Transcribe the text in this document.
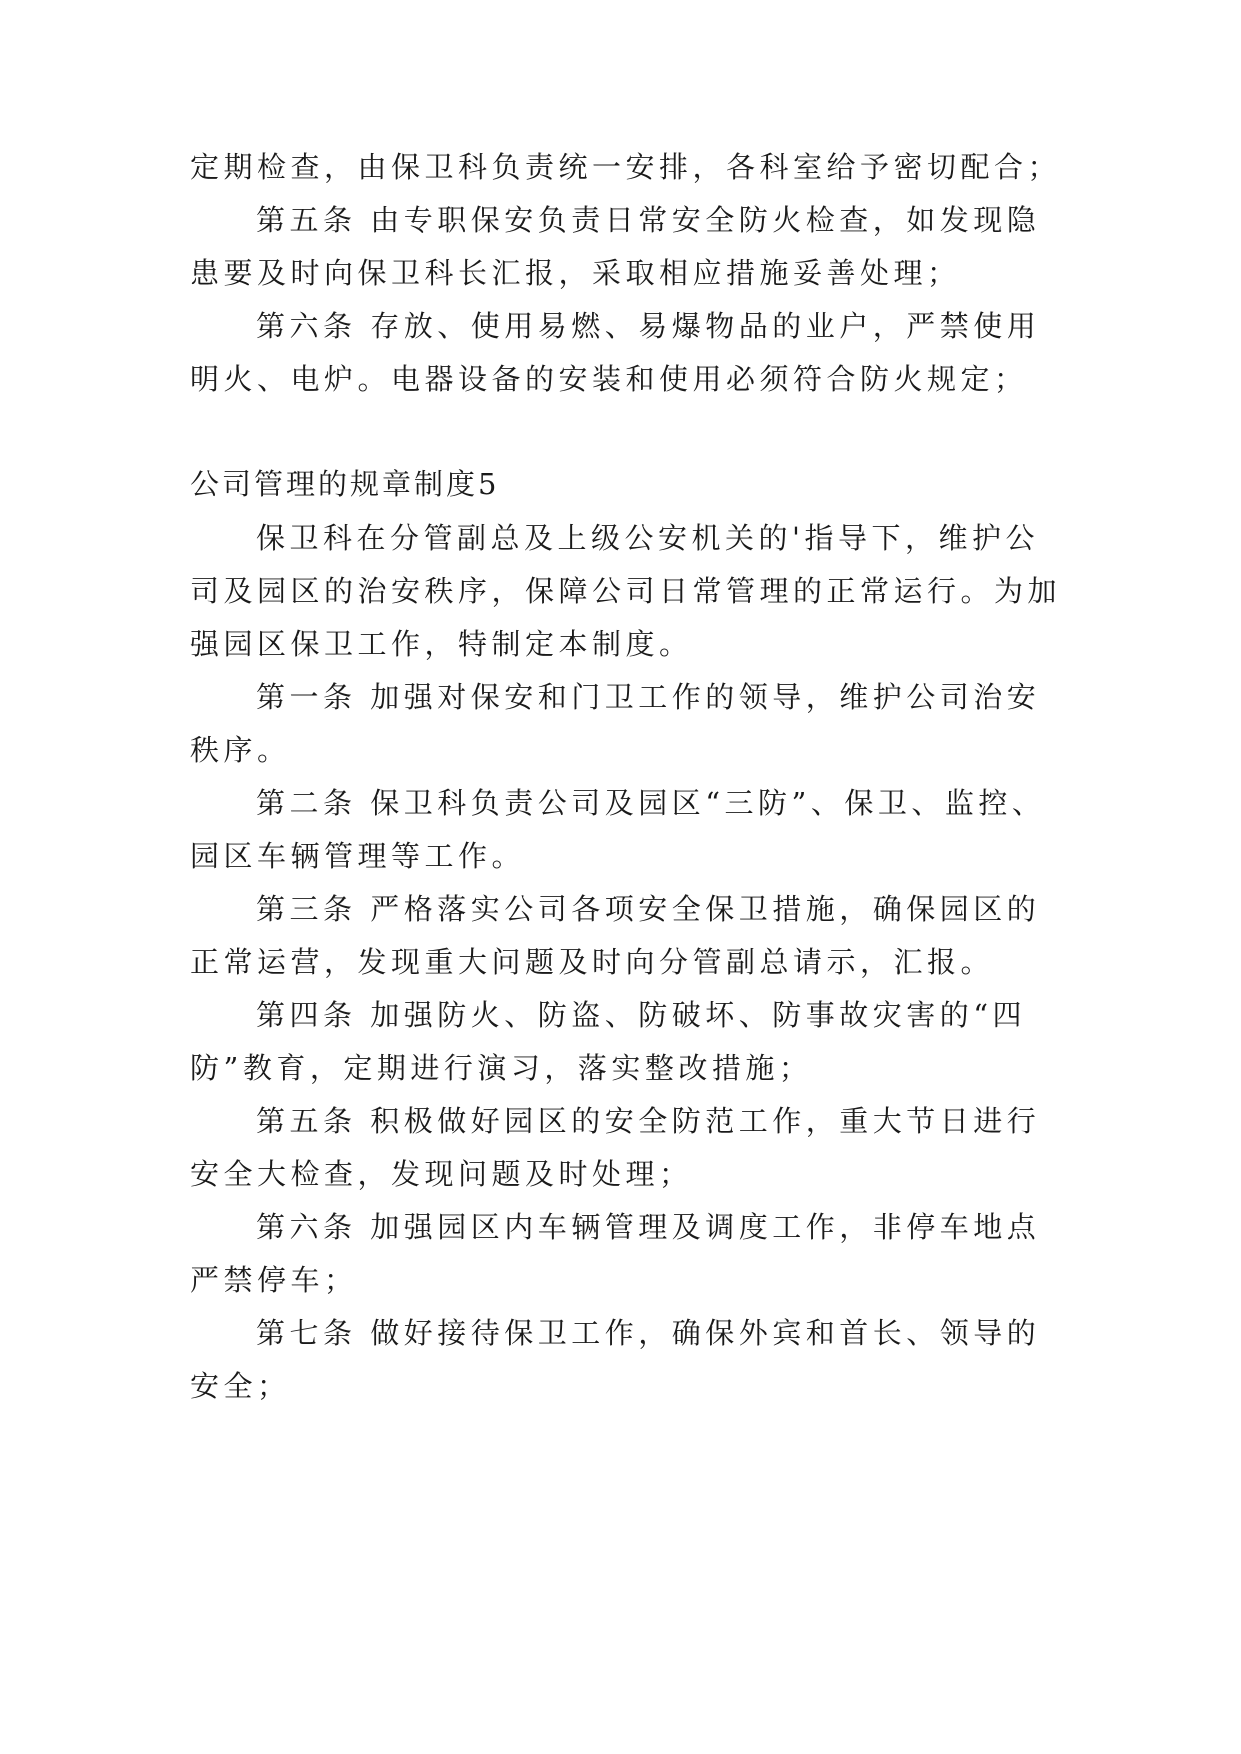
定期检查，由保卫科负责统一安排，各科室给予密切配合；
第五条 由专职保安负责日常安全防火检查，如发现隐
患要及时向保卫科长汇报，采取相应措施妥善处理；
第六条 存放、使用易燃、易爆物品的业户，严禁使用
明火、电炉。电器设备的安装和使用必须符合防火规定；
公司管理的规章制度5
保卫科在分管副总及上级公安机关的'指导下，维护公
司及园区的治安秩序，保障公司日常管理的正常运行。为加
强园区保卫工作，特制定本制度。
第一条 加强对保安和门卫工作的领导，维护公司治安
秩序。
第二条 保卫科负责公司及园区“三防”、保卫、监控、
园区车辆管理等工作。
第三条 严格落实公司各项安全保卫措施，确保园区的
正常运营，发现重大问题及时向分管副总请示，汇报。
第四条 加强防火、防盗、防破坏、防事故灾害的“四
防”教育，定期进行演习，落实整改措施；
第五条 积极做好园区的安全防范工作，重大节日进行
安全大检查，发现问题及时处理；
第六条 加强园区内车辆管理及调度工作，非停车地点
严禁停车；
第七条 做好接待保卫工作，确保外宾和首长、领导的
安全；
